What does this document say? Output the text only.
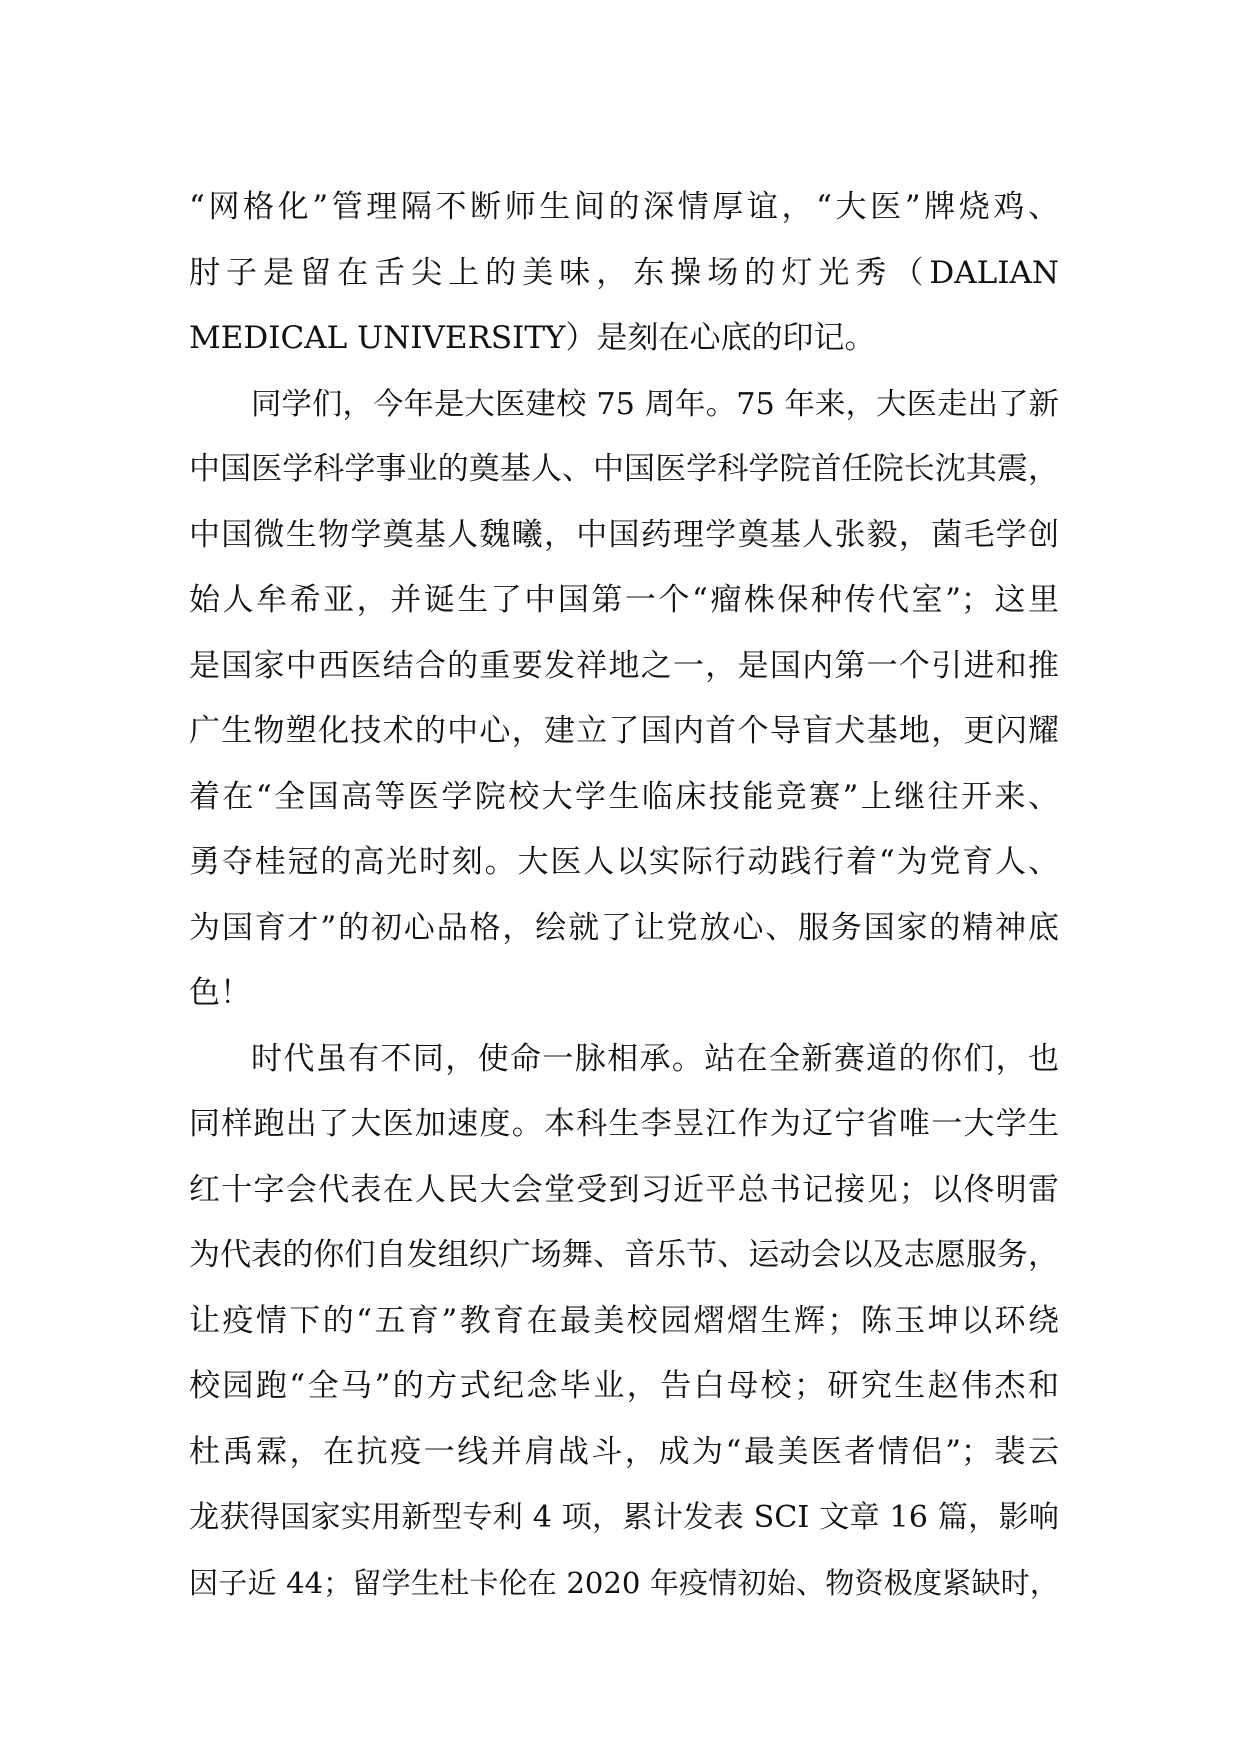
“网格化”管理隔不断师生间的深情厚谊，“大医”牌烧鸡、
肘子是留在舌尖上的美味，东操场的灯光秀（DALIAN
MEDICAL UNIVERSITY）是刻在心底的印记。
同学们，今年是大医建校 75 周年。75 年来，大医走出了新
中国医学科学事业的奠基人、中国医学科学院首任院长沈其震，
中国微生物学奠基人魏曦，中国药理学奠基人张毅，菌毛学创
始人牟希亚，并诞生了中国第一个“瘤株保种传代室”；这里
是国家中西医结合的重要发祥地之一，是国内第一个引进和推
广生物塑化技术的中心，建立了国内首个导盲犬基地，更闪耀
着在“全国高等医学院校大学生临床技能竞赛”上继往开来、
勇夺桂冠的高光时刻。大医人以实际行动践行着“为党育人、
为国育才”的初心品格，绘就了让党放心、服务国家的精神底
色！
时代虽有不同，使命一脉相承。站在全新赛道的你们，也
同样跑出了大医加速度。本科生李昱江作为辽宁省唯一大学生
红十字会代表在人民大会堂受到习近平总书记接见；以佟明雷
为代表的你们自发组织广场舞、音乐节、运动会以及志愿服务，
让疫情下的“五育”教育在最美校园熠熠生辉；陈玉坤以环绕
校园跑“全马”的方式纪念毕业，告白母校；研究生赵伟杰和
杜禹霖，在抗疫一线并肩战斗，成为“最美医者情侣”；裴云
龙获得国家实用新型专利 4 项，累计发表 SCI 文章 16 篇，影响
因子近 44；留学生杜卡伦在 2020 年疫情初始、物资极度紧缺时，
